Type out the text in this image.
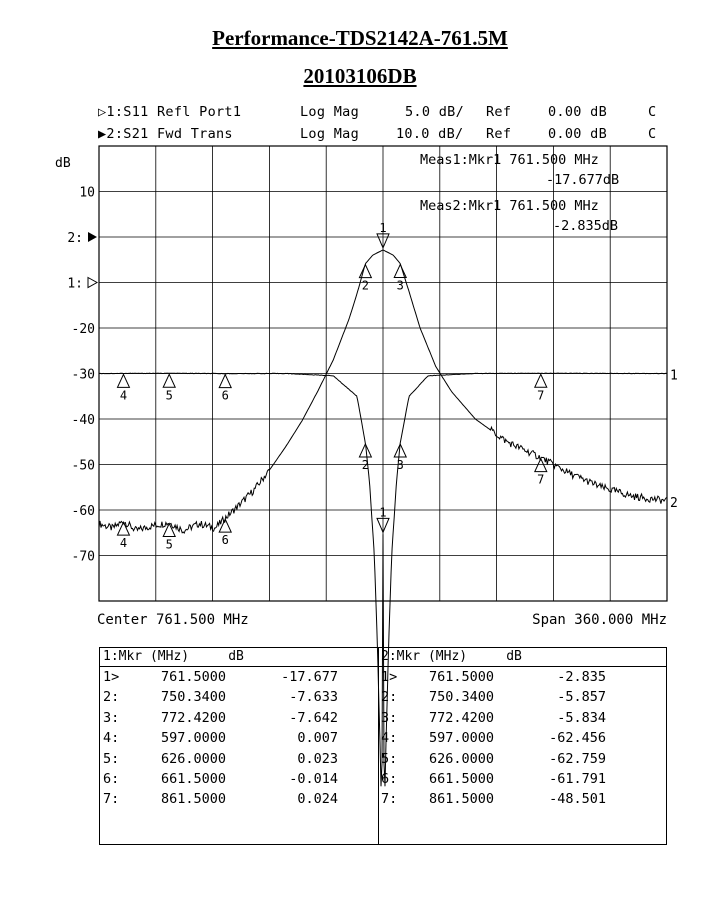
Performance-TDS2142A-761.5M
20103106DB
▷1:S11 Refl Port1	Log Mag	5.0 dB/ Ref	0.00 dB	C
▶2:S21 Fwd Trans	Log Mag	10.0 dB/ Ref	0.00 dB	C
10
2:
1:
-20
-30
-40
-50
-60
-70
dB
1
1
2
2
3
3
4
4
5
5
6
6
7
7
1
2
Meas1:Mkr1 761.500 MHz
-17.677dB
Meas2:Mkr1 761.500 MHz
-2.835dB
Center 761.500 MHz	Span 360.000 MHz
1:Mkr (MHz)     dB
1>	761.5000	-17.677
2:	750.3400	-7.633
3:	772.4200	-7.642
4:	597.0000	0.007
5:	626.0000	0.023
6:	661.5000	-0.014
7:	861.5000	0.024
2:Mkr (MHz)     dB
1> 761.5000	-2.835
2: 750.3400	-5.857
3: 772.4200	-5.834
4: 597.0000	-62.456
5: 626.0000	-62.759
6: 661.5000	-61.791
7: 861.5000	-48.501
